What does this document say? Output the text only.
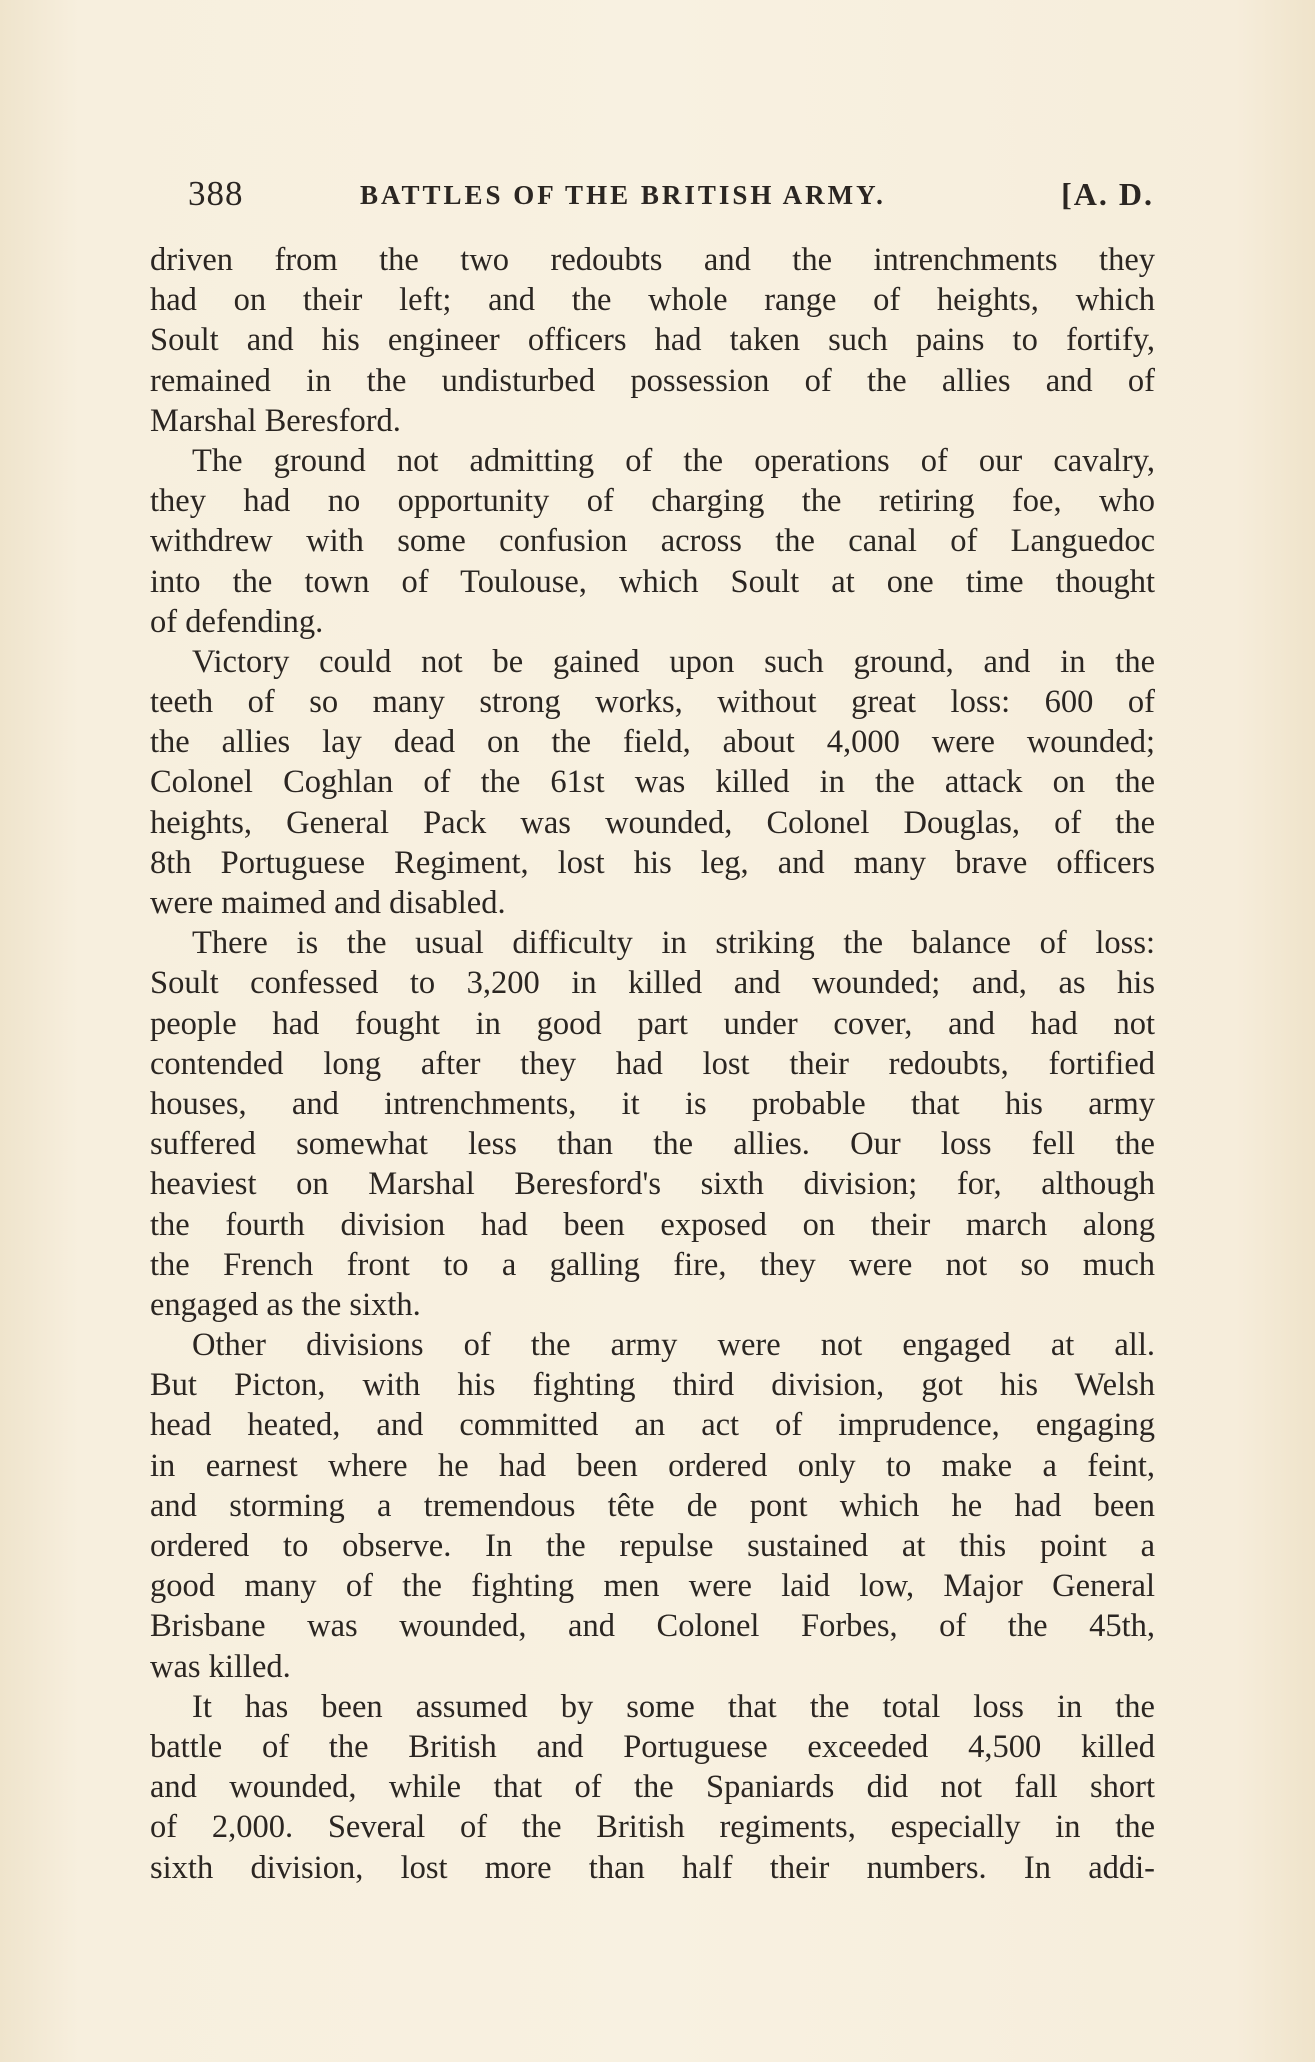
388	BATTLES OF THE BRITISH ARMY.	[A. D.
driven from the two redoubts and the intrenchments they
had on their left; and the whole range of heights, which
Soult and his engineer officers had taken such pains to fortify,
remained in the undisturbed possession of the allies and of
Marshal Beresford.
The ground not admitting of the operations of our cavalry,
they had no opportunity of charging the retiring foe, who
withdrew with some confusion across the canal of Languedoc
into the town of Toulouse, which Soult at one time thought
of defending.
Victory could not be gained upon such ground, and in the
teeth of so many strong works, without great loss: 600 of
the allies lay dead on the field, about 4,000 were wounded;
Colonel Coghlan of the 61st was killed in the attack on the
heights, General Pack was wounded, Colonel Douglas, of the
8th Portuguese Regiment, lost his leg, and many brave officers
were maimed and disabled.
There is the usual difficulty in striking the balance of loss:
Soult confessed to 3,200 in killed and wounded; and, as his
people had fought in good part under cover, and had not
contended long after they had lost their redoubts, fortified
houses, and intrenchments, it is probable that his army
suffered somewhat less than the allies. Our loss fell the
heaviest on Marshal Beresford's sixth division; for, although
the fourth division had been exposed on their march along
the French front to a galling fire, they were not so much
engaged as the sixth.
Other divisions of the army were not engaged at all.
But Picton, with his fighting third division, got his Welsh
head heated, and committed an act of imprudence, engaging
in earnest where he had been ordered only to make a feint,
and storming a tremendous tête de pont which he had been
ordered to observe. In the repulse sustained at this point a
good many of the fighting men were laid low, Major General
Brisbane was wounded, and Colonel Forbes, of the 45th,
was killed.
It has been assumed by some that the total loss in the
battle of the British and Portuguese exceeded 4,500 killed
and wounded, while that of the Spaniards did not fall short
of 2,000. Several of the British regiments, especially in the
sixth division, lost more than half their numbers. In addi-
